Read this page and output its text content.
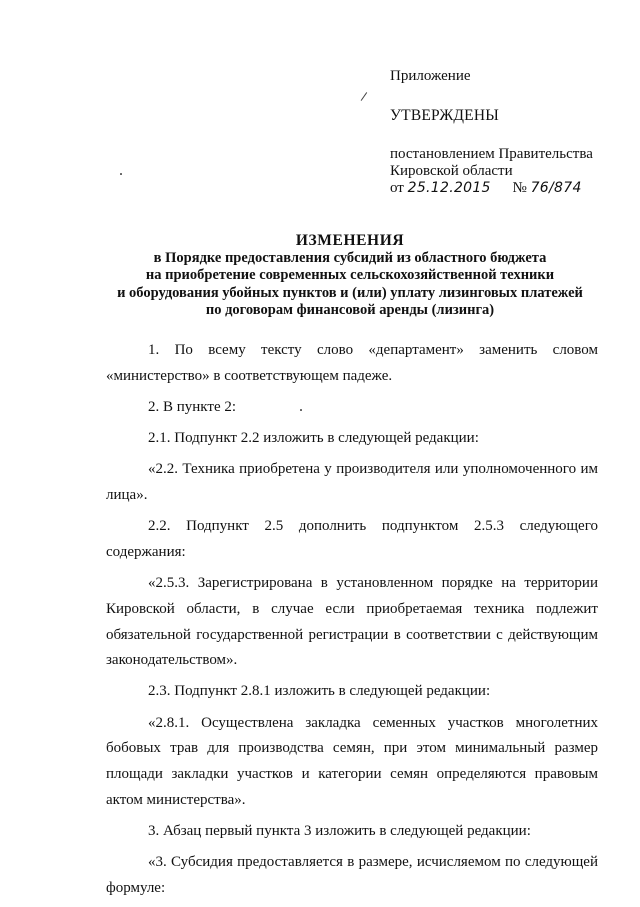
Приложение

УТВЕРЖДЕНЫ

постановлением Правительства

Кировской области

от 25.12.2015 № 76/874

ИЗМЕНЕНИЯ
в Порядке предоставления субсидий из областного бюджета
на приобретение современных сельскохозяйственной техники
и оборудования убойных пунктов и (или) уплату лизинговых платежей
по договорам финансовой аренды (лизинга)

1. По всему тексту слово «департамент» заменить словом «министерство» в соответствующем падеже.

2. В пункте 2:

2.1. Подпункт 2.2 изложить в следующей редакции:

«2.2. Техника приобретена у производителя или уполномоченного им лица».

2.2. Подпункт 2.5 дополнить подпунктом 2.5.3 следующего содержания:

«2.5.3. Зарегистрирована в установленном порядке на территории Кировской области, в случае если приобретаемая техника подлежит обязательной государственной регистрации в соответствии с действующим законодательством».

2.3. Подпункт 2.8.1 изложить в следующей редакции:

«2.8.1. Осуществлена закладка семенных участков многолетних бобовых трав для производства семян, при этом минимальный размер площади закладки участков и категории семян определяются правовым актом министерства».

3. Абзац первый пункта 3 изложить в следующей редакции:

«3. Субсидия предоставляется в размере, исчисляемом по следующей формуле:
